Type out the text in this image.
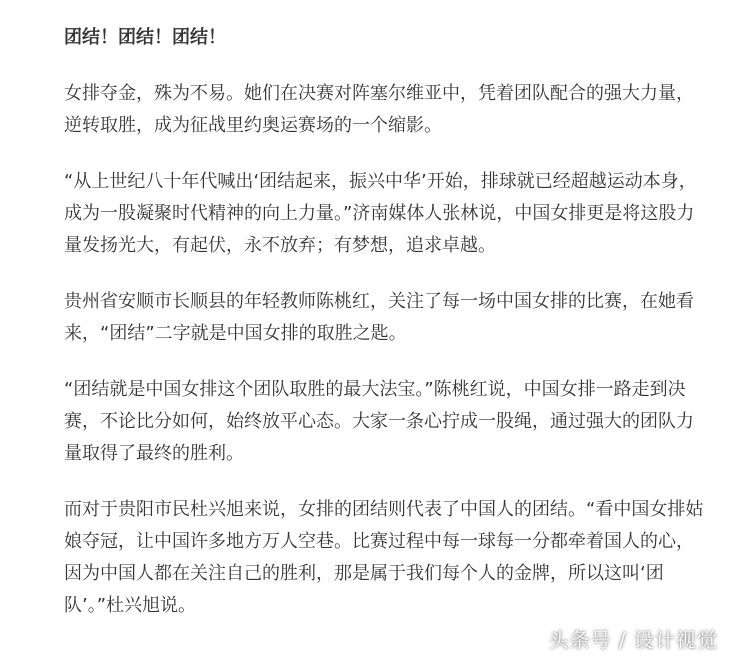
团结！团结！团结！

女排夺金，殊为不易。她们在决赛对阵塞尔维亚中，凭着团队配合的强大力量，逆转取胜，成为征战里约奥运赛场的一个缩影。

“从上世纪八十年代喊出‘团结起来，振兴中华’开始，排球就已经超越运动本身，成为一股凝聚时代精神的向上力量。”济南媒体人张林说，中国女排更是将这股力量发扬光大，有起伏，永不放弃；有梦想，追求卓越。

贵州省安顺市长顺县的年轻教师陈桃红，关注了每一场中国女排的比赛，在她看来，“团结”二字就是中国女排的取胜之匙。

“团结就是中国女排这个团队取胜的最大法宝。”陈桃红说，中国女排一路走到决赛，不论比分如何，始终放平心态。大家一条心拧成一股绳，通过强大的团队力量取得了最终的胜利。

而对于贵阳市民杜兴旭来说，女排的团结则代表了中国人的团结。“看中国女排姑娘夺冠，让中国许多地方万人空巷。比赛过程中每一球每一分都牵着国人的心，因为中国人都在关注自己的胜利，那是属于我们每个人的金牌，所以这叫‘团队’。”杜兴旭说。

头条号 / 设计视觉
